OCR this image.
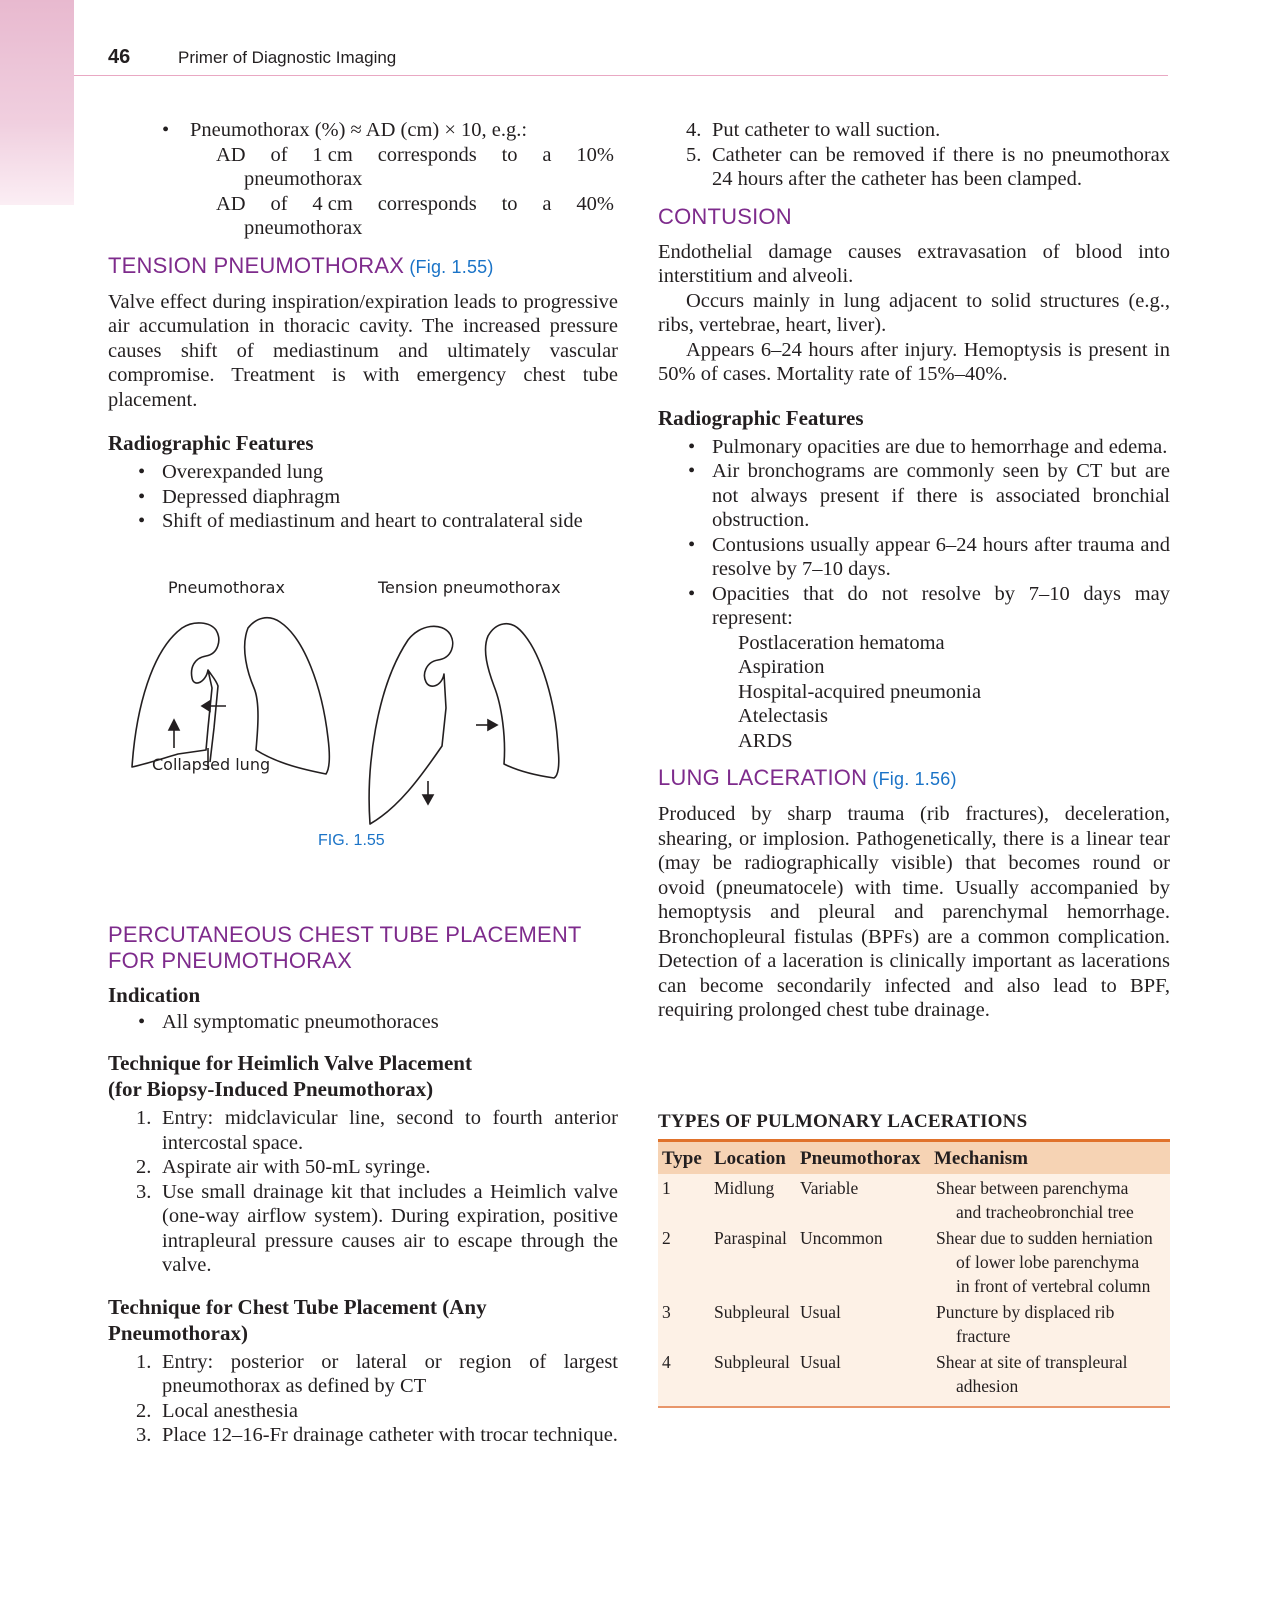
46	Primer of Diagnostic Imaging
• Pneumothorax (%) ≈ AD (cm) × 10, e.g.:
AD of 1 cm corresponds to a 10%
pneumothorax
AD of 4 cm corresponds to a 40%
pneumothorax
TENSION PNEUMOTHORAX (Fig. 1.55)

Valve effect during inspiration/expiration leads to progressive air accumulation in thoracic cavity. The increased pressure causes shift of mediastinum and ultimately vascular compromise. Treatment is with emergency chest tube placement.

Radiographic Features
• Overexpanded lung
• Depressed diaphragm
• Shift of mediastinum and heart to contralateral side
Pneumothorax	Tension pneumothorax
Collapsed lung
FIG. 1.55
PERCUTANEOUS CHEST TUBE PLACEMENT
FOR PNEUMOTHORAX
Indication
• All symptomatic pneumothoraces
Technique for Heimlich Valve Placement
(for Biopsy-Induced Pneumothorax)
1. Entry: midclavicular line, second to fourth anterior intercostal space.
2. Aspirate air with 50-mL syringe.
3. Use small drainage kit that includes a Heimlich valve (one-way airflow system). During expiration, positive intrapleural pressure causes air to escape through the valve.
Technique for Chest Tube Placement (Any
Pneumothorax)
1. Entry: posterior or lateral or region of largest pneumothorax as defined by CT
2. Local anesthesia
3. Place 12–16-Fr drainage catheter with trocar technique.
4. Put catheter to wall suction.
5. Catheter can be removed if there is no pneumothorax 24 hours after the catheter has been clamped.
CONTUSION

Endothelial damage causes extravasation of blood into interstitium and alveoli.

Occurs mainly in lung adjacent to solid structures (e.g., ribs, vertebrae, heart, liver).

Appears 6–24 hours after injury. Hemoptysis is present in 50% of cases. Mortality rate of 15%–40%.

Radiographic Features
• Pulmonary opacities are due to hemorrhage and edema.
• Air bronchograms are commonly seen by CT but are not always present if there is associated bronchial obstruction.
• Contusions usually appear 6–24 hours after trauma and resolve by 7–10 days.
• Opacities that do not resolve by 7–10 days may represent:
Postlaceration hematoma
Aspiration
Hospital-acquired pneumonia
Atelectasis
ARDS
LUNG LACERATION (Fig. 1.56)

Produced by sharp trauma (rib fractures), deceleration, shearing, or implosion. Pathogenetically, there is a linear tear (may be radiographically visible) that becomes round or ovoid (pneumatocele) with time. Usually accompanied by hemoptysis and pleural and parenchymal hemorrhage. Bronchopleural fistulas (BPFs) are a common complication. Detection of a laceration is clinically important as lacerations can become secondarily infected and also lead to BPF, requiring prolonged chest tube drainage.

TYPES OF PULMONARY LACERATIONS
Type	Location	Pneumothorax	Mechanism
1	Midlung	Variable	Shear between parenchyma
and tracheobronchial tree

2	Paraspinal	Uncommon	Shear due to sudden herniation
of lower lobe parenchyma
in front of vertebral column

3	Subpleural	Usual	Puncture by displaced rib
fracture

4	Subpleural	Usual	Shear at site of transpleural
adhesion
